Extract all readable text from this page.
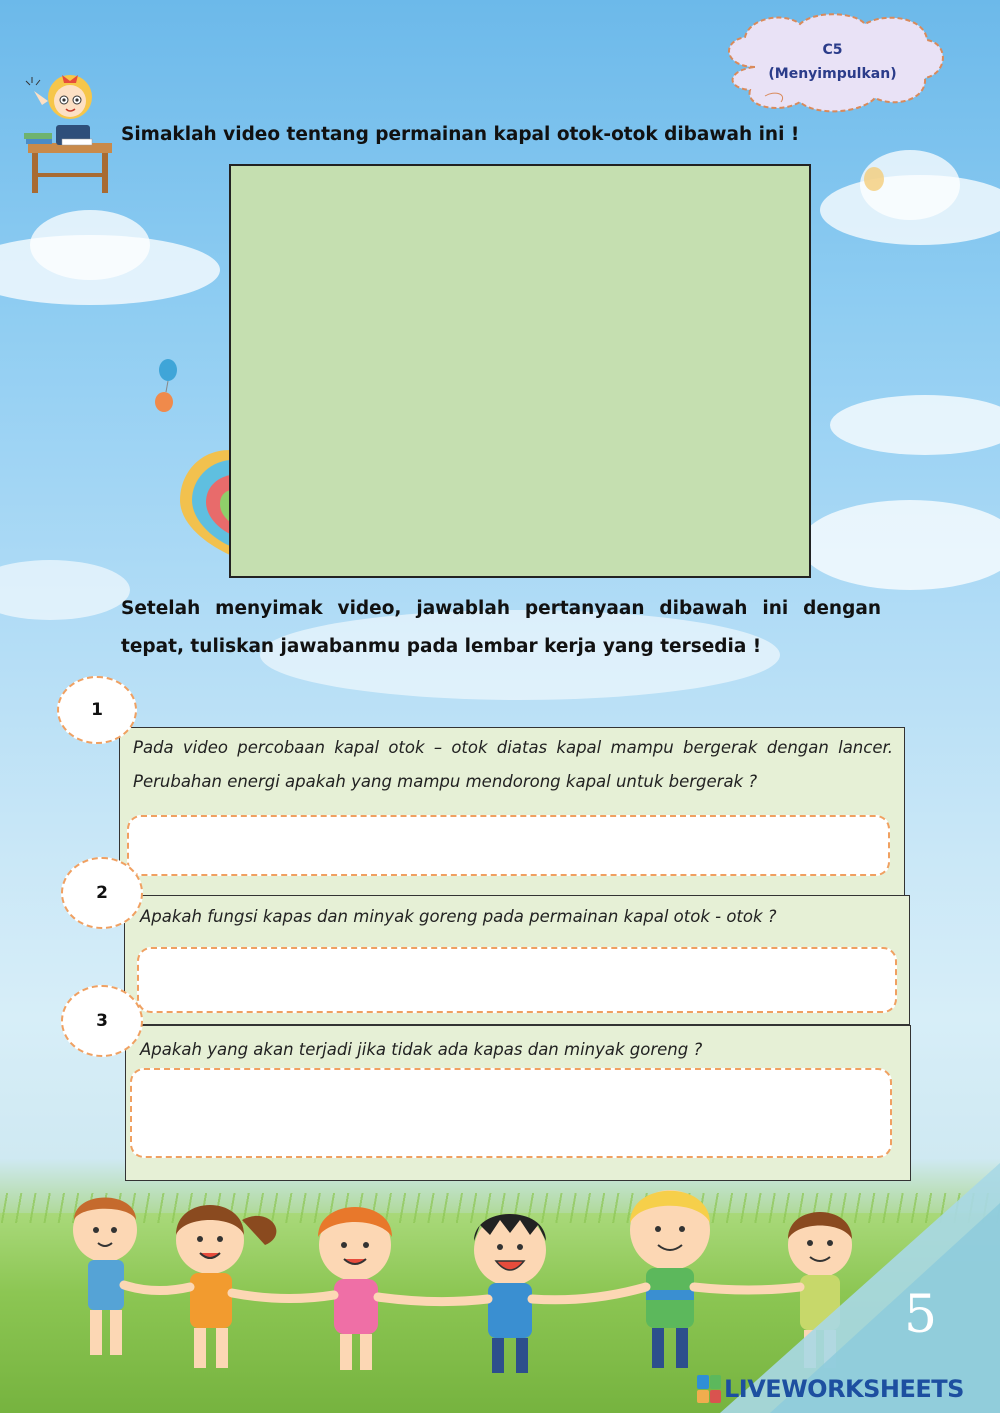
C5
(Menyimpulkan)
Simaklah video tentang permainan kapal otok-otok dibawah ini !
Setelah menyimak video, jawablah pertanyaan dibawah ini dengan tepat, tuliskan jawabanmu pada lembar kerja yang tersedia !
Pada video percobaan kapal otok – otok diatas kapal mampu bergerak dengan lancer. Perubahan energi apakah yang mampu mendorong kapal untuk bergerak ?
1
Apakah fungsi kapas dan minyak goreng pada permainan kapal otok - otok ?
2
Apakah yang akan terjadi jika tidak ada kapas dan minyak goreng ?
3
5
LIVEWORKSHEETS
